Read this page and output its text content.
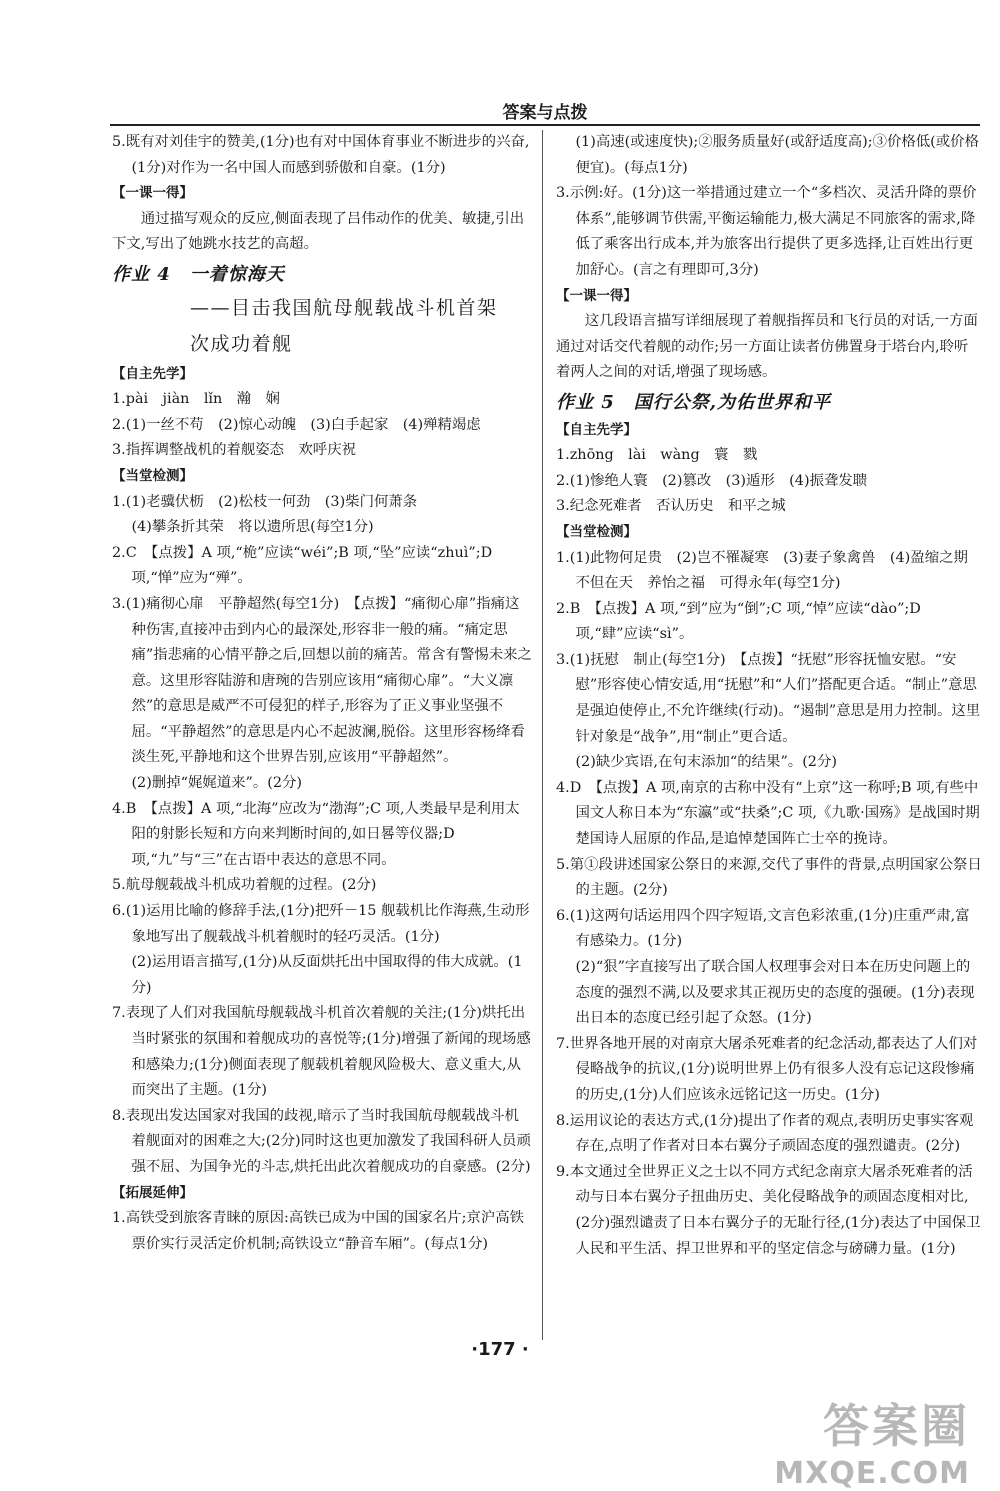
答案与点拨

5.既有对刘佳宇的赞美,(1分)也有对中国体育事业不断进步的兴奋,(1分)对作为一名中国人而感到骄傲和自豪。(1分)

【一课一得】

通过描写观众的反应,侧面表现了吕伟动作的优美、敏捷,引出下文,写出了她跳水技艺的高超。

作业 4　一着惊海天

——目击我国航母舰载战斗机首架

次成功着舰

【自主先学】

1.pài　jiàn　lǐn　瀚　娴

2.(1)一丝不苟　(2)惊心动魄　(3)白手起家　(4)殚精竭虑

3.指挥调整战机的着舰姿态　欢呼庆祝

【当堂检测】

1.(1)老骥伏枥　(2)松枝一何劲　(3)柴门何萧条

(4)攀条折其荣　将以遗所思(每空1分)

2.C　【点拨】A 项,“桅”应读“wéi”;B 项,“坠”应读“zhuì”;D 项,“惮”应为“殚”。

3.(1)痛彻心扉　平静超然(每空1分)　【点拨】“痛彻心扉”指痛这种伤害,直接冲击到内心的最深处,形容非一般的痛。“痛定思痛”指悲痛的心情平静之后,回想以前的痛苦。常含有警惕未来之意。这里形容陆游和唐琬的告别应该用“痛彻心扉”。“大义凛然”的意思是威严不可侵犯的样子,形容为了正义事业坚强不屈。“平静超然”的意思是内心不起波澜,脱俗。这里形容杨绛看淡生死,平静地和这个世界告别,应该用“平静超然”。

(2)删掉“娓娓道来”。(2分)

4.B　【点拨】A 项,“北海”应改为“渤海”;C 项,人类最早是利用太阳的射影长短和方向来判断时间的,如日晷等仪器;D 项,“九”与“三”在古语中表达的意思不同。

5.航母舰载战斗机成功着舰的过程。(2分)

6.(1)运用比喻的修辞手法,(1分)把歼－15 舰载机比作海燕,生动形象地写出了舰载战斗机着舰时的轻巧灵活。(1分)

(2)运用语言描写,(1分)从反面烘托出中国取得的伟大成就。(1分)

7.表现了人们对我国航母舰载战斗机首次着舰的关注;(1分)烘托出当时紧张的氛围和着舰成功的喜悦等;(1分)增强了新闻的现场感和感染力;(1分)侧面表现了舰载机着舰风险极大、意义重大,从而突出了主题。(1分)

8.表现出发达国家对我国的歧视,暗示了当时我国航母舰载战斗机着舰面对的困难之大;(2分)同时这也更加激发了我国科研人员顽强不屈、为国争光的斗志,烘托出此次着舰成功的自豪感。(2分)

【拓展延伸】

1.高铁受到旅客青睐的原因:高铁已成为中国的国家名片;京沪高铁票价实行灵活定价机制;高铁设立“静音车厢”。(每点1分)

(1)高速(或速度快);②服务质量好(或舒适度高);③价格低(或价格便宜)。(每点1分)

3.示例:好。(1分)这一举措通过建立一个“多档次、灵活升降的票价体系”,能够调节供需,平衡运输能力,极大满足不同旅客的需求,降低了乘客出行成本,并为旅客出行提供了更多选择,让百姓出行更加舒心。(言之有理即可,3分)

【一课一得】

这几段语言描写详细展现了着舰指挥员和飞行员的对话,一方面通过对话交代着舰的动作;另一方面让读者仿佛置身于塔台内,聆听着两人之间的对话,增强了现场感。

作业 5　国行公祭,为佑世界和平

【自主先学】

1.zhōng　lài　wàng　寰　戮

2.(1)惨绝人寰　(2)篡改　(3)遁形　(4)振聋发聩

3.纪念死难者　否认历史　和平之城

【当堂检测】

1.(1)此物何足贵　(2)岂不罹凝寒　(3)妻子象禽兽　(4)盈缩之期

不但在天　养怡之福　可得永年(每空1分)

2.B　【点拨】A 项,“到”应为“倒”;C 项,“悼”应读“dào”;D 项,“肆”应读“sì”。

3.(1)抚慰　制止(每空1分)　【点拨】“抚慰”形容抚恤安慰。“安慰”形容使心情安适,用“抚慰”和“人们”搭配更合适。“制止”意思是强迫使停止,不允许继续(行动)。“遏制”意思是用力控制。这里针对象是“战争”,用“制止”更合适。

(2)缺少宾语,在句末添加“的结果”。(2分)

4.D　【点拨】A 项,南京的古称中没有“上京”这一称呼;B 项,有些中国文人称日本为“东瀛”或“扶桑”;C 项,《九歌·国殇》是战国时期楚国诗人屈原的作品,是追悼楚国阵亡士卒的挽诗。

5.第①段讲述国家公祭日的来源,交代了事件的背景,点明国家公祭日的主题。(2分)

6.(1)这两句话运用四个四字短语,文言色彩浓重,(1分)庄重严肃,富有感染力。(1分)

(2)“狠”字直接写出了联合国人权理事会对日本在历史问题上的态度的强烈不满,以及要求其正视历史的态度的强硬。(1分)表现出日本的态度已经引起了众怒。(1分)

7.世界各地开展的对南京大屠杀死难者的纪念活动,都表达了人们对侵略战争的抗议,(1分)说明世界上仍有很多人没有忘记这段惨痛的历史,(1分)人们应该永远铭记这一历史。(1分)

8.运用议论的表达方式,(1分)提出了作者的观点,表明历史事实客观存在,点明了作者对日本右翼分子顽固态度的强烈谴责。(2分)

9.本文通过全世界正义之士以不同方式纪念南京大屠杀死难者的活动与日本右翼分子扭曲历史、美化侵略战争的顽固态度相对比,(2分)强烈谴责了日本右翼分子的无耻行径,(1分)表达了中国保卫人民和平生活、捍卫世界和平的坚定信念与磅礴力量。(1分)

·177 ·
答案圈
MXQE.COM
